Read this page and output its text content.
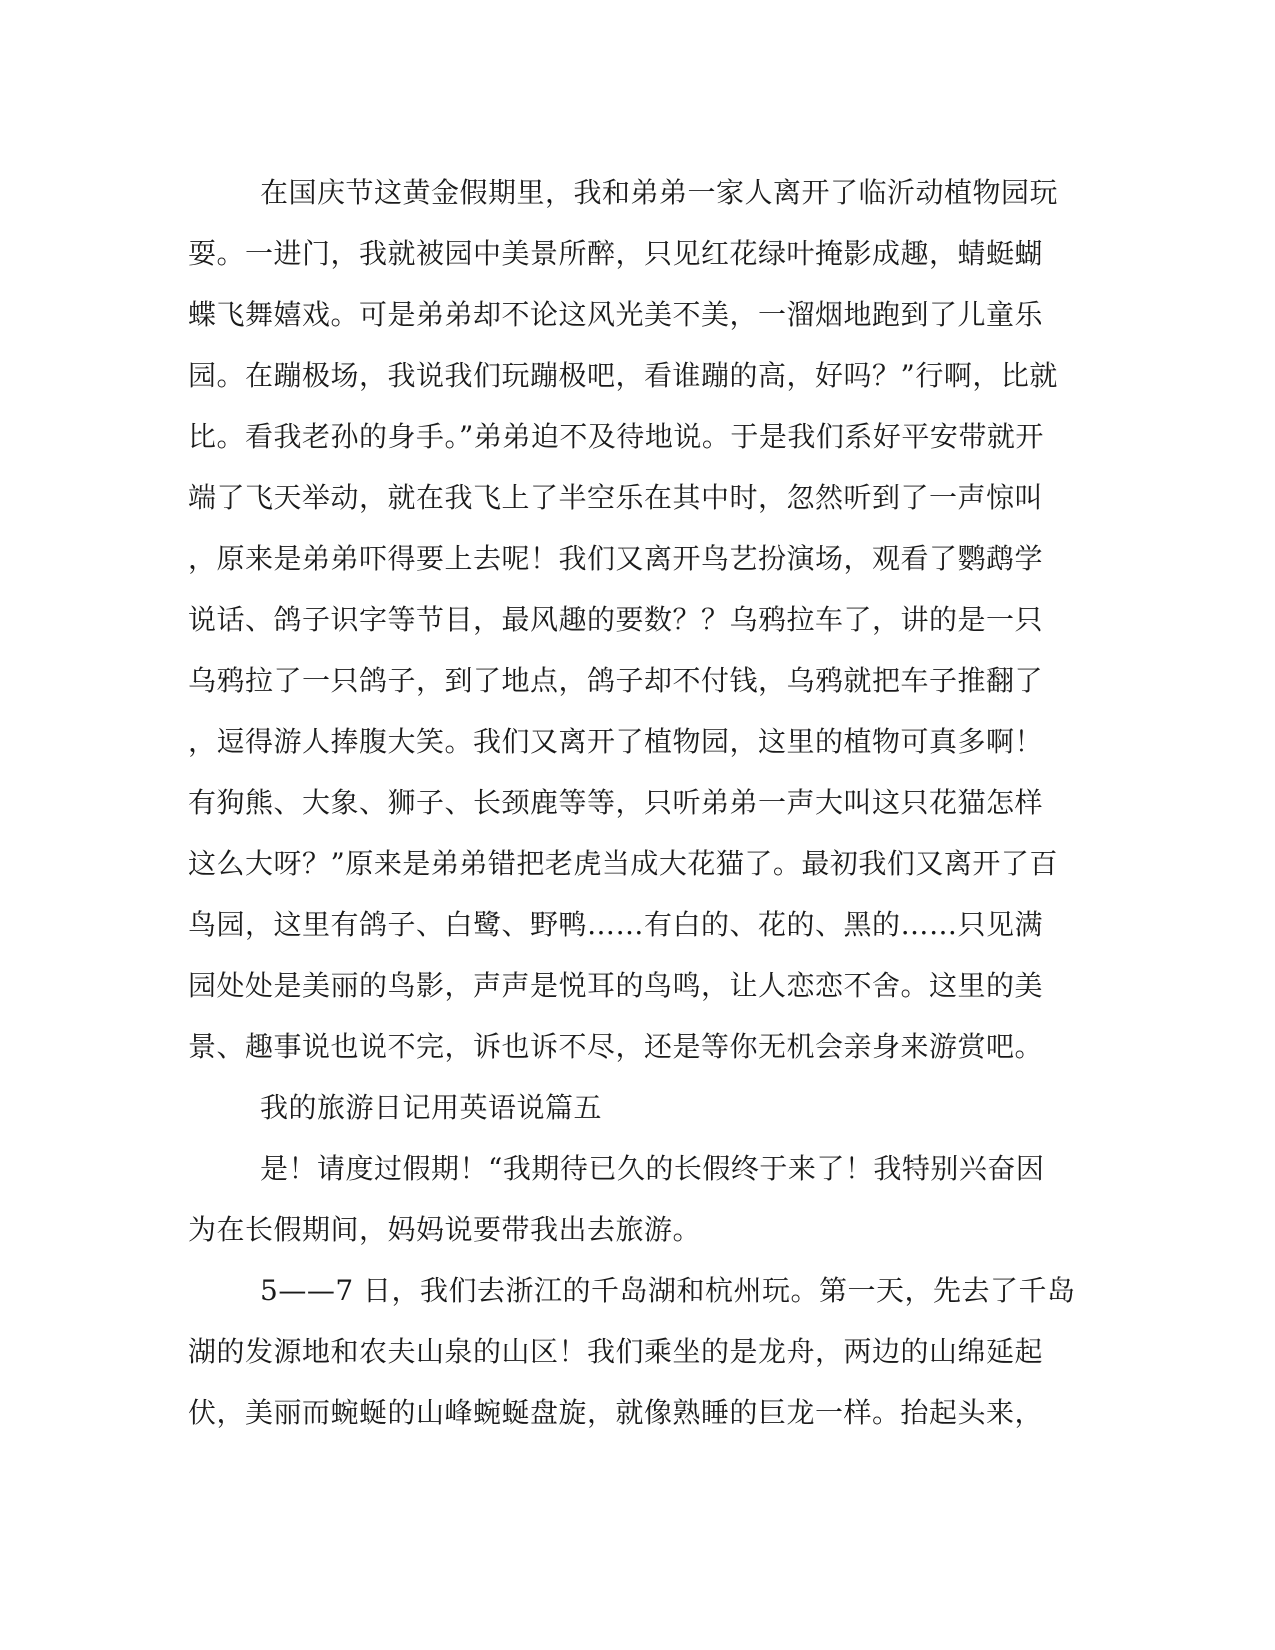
在国庆节这黄金假期里，我和弟弟一家人离开了临沂动植物园玩
耍。一进门，我就被园中美景所醉，只见红花绿叶掩影成趣，蜻蜓蝴
蝶飞舞嬉戏。可是弟弟却不论这风光美不美，一溜烟地跑到了儿童乐
园。在蹦极场，我说我们玩蹦极吧，看谁蹦的高，好吗？”行啊，比就
比。看我老孙的身手。”弟弟迫不及待地说。于是我们系好平安带就开
端了飞天举动，就在我飞上了半空乐在其中时，忽然听到了一声惊叫
，原来是弟弟吓得要上去呢！我们又离开鸟艺扮演场，观看了鹦鹉学
说话、鸽子识字等节目，最风趣的要数？？乌鸦拉车了，讲的是一只
乌鸦拉了一只鸽子，到了地点，鸽子却不付钱，乌鸦就把车子推翻了
，逗得游人捧腹大笑。我们又离开了植物园，这里的植物可真多啊！
有狗熊、大象、狮子、长颈鹿等等，只听弟弟一声大叫这只花猫怎样
这么大呀？”原来是弟弟错把老虎当成大花猫了。最初我们又离开了百
鸟园，这里有鸽子、白鹭、野鸭……有白的、花的、黑的……只见满
园处处是美丽的鸟影，声声是悦耳的鸟鸣，让人恋恋不舍。这里的美
景、趣事说也说不完，诉也诉不尽，还是等你无机会亲身来游赏吧。
我的旅游日记用英语说篇五
是！请度过假期！“我期待已久的长假终于来了！我特别兴奋因
为在长假期间，妈妈说要带我出去旅游。
5——7 日，我们去浙江的千岛湖和杭州玩。第一天，先去了千岛
湖的发源地和农夫山泉的山区！我们乘坐的是龙舟，两边的山绵延起
伏，美丽而蜿蜒的山峰蜿蜒盘旋，就像熟睡的巨龙一样。抬起头来，
